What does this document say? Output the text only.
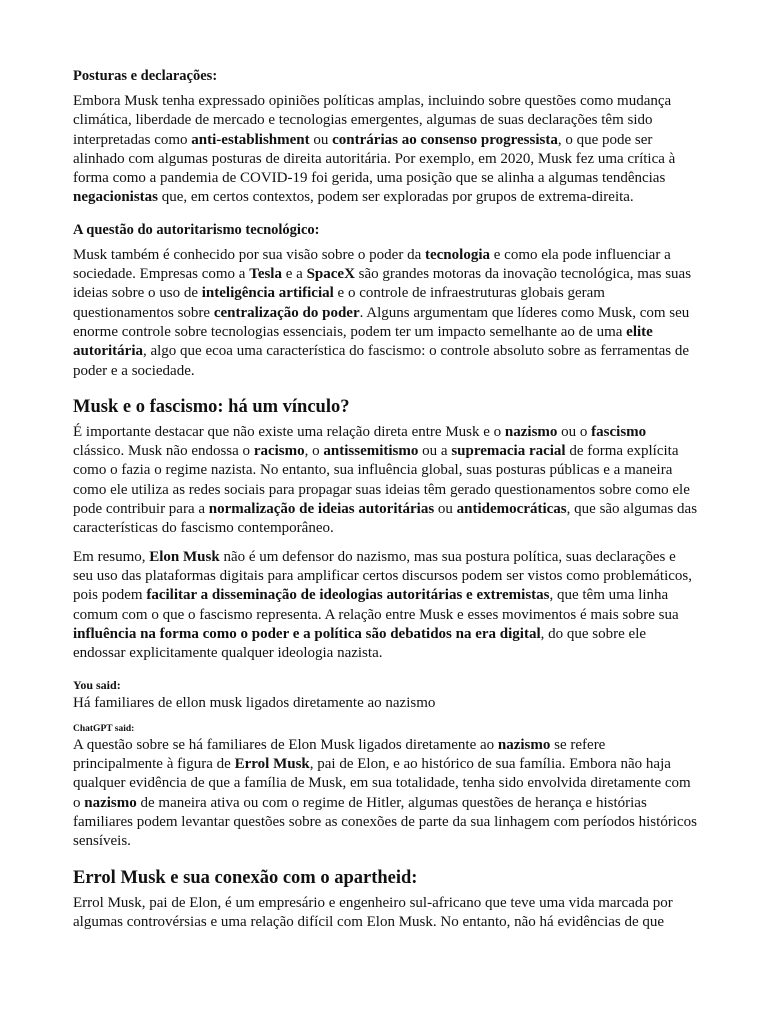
Posturas e declarações:

Embora Musk tenha expressado opiniões políticas amplas, incluindo sobre questões como mudança climática, liberdade de mercado e tecnologias emergentes, algumas de suas declarações têm sido interpretadas como anti-establishment ou contrárias ao consenso progressista, o que pode ser alinhado com algumas posturas de direita autoritária. Por exemplo, em 2020, Musk fez uma crítica à forma como a pandemia de COVID-19 foi gerida, uma posição que se alinha a algumas tendências negacionistas que, em certos contextos, podem ser exploradas por grupos de extrema-direita.

A questão do autoritarismo tecnológico:

Musk também é conhecido por sua visão sobre o poder da tecnologia e como ela pode influenciar a sociedade. Empresas como a Tesla e a SpaceX são grandes motoras da inovação tecnológica, mas suas ideias sobre o uso de inteligência artificial e o controle de infraestruturas globais geram questionamentos sobre centralização do poder. Alguns argumentam que líderes como Musk, com seu enorme controle sobre tecnologias essenciais, podem ter um impacto semelhante ao de uma elite autoritária, algo que ecoa uma característica do fascismo: o controle absoluto sobre as ferramentas de poder e a sociedade.

Musk e o fascismo: há um vínculo?

É importante destacar que não existe uma relação direta entre Musk e o nazismo ou o fascismo clássico. Musk não endossa o racismo, o antissemitismo ou a supremacia racial de forma explícita como o fazia o regime nazista. No entanto, sua influência global, suas posturas públicas e a maneira como ele utiliza as redes sociais para propagar suas ideias têm gerado questionamentos sobre como ele pode contribuir para a normalização de ideias autoritárias ou antidemocráticas, que são algumas das características do fascismo contemporâneo.

Em resumo, Elon Musk não é um defensor do nazismo, mas sua postura política, suas declarações e seu uso das plataformas digitais para amplificar certos discursos podem ser vistos como problemáticos, pois podem facilitar a disseminação de ideologias autoritárias e extremistas, que têm uma linha comum com o que o fascismo representa. A relação entre Musk e esses movimentos é mais sobre sua influência na forma como o poder e a política são debatidos na era digital, do que sobre ele endossar explicitamente qualquer ideologia nazista.

You said:

Há familiares de ellon musk ligados diretamente ao nazismo

ChatGPT said:

A questão sobre se há familiares de Elon Musk ligados diretamente ao nazismo se refere principalmente à figura de Errol Musk, pai de Elon, e ao histórico de sua família. Embora não haja qualquer evidência de que a família de Musk, em sua totalidade, tenha sido envolvida diretamente com o nazismo de maneira ativa ou com o regime de Hitler, algumas questões de herança e histórias familiares podem levantar questões sobre as conexões de parte da sua linhagem com períodos históricos sensíveis.

Errol Musk e sua conexão com o apartheid:

Errol Musk, pai de Elon, é um empresário e engenheiro sul-africano que teve uma vida marcada por algumas controvérsias e uma relação difícil com Elon Musk. No entanto, não há evidências de que
